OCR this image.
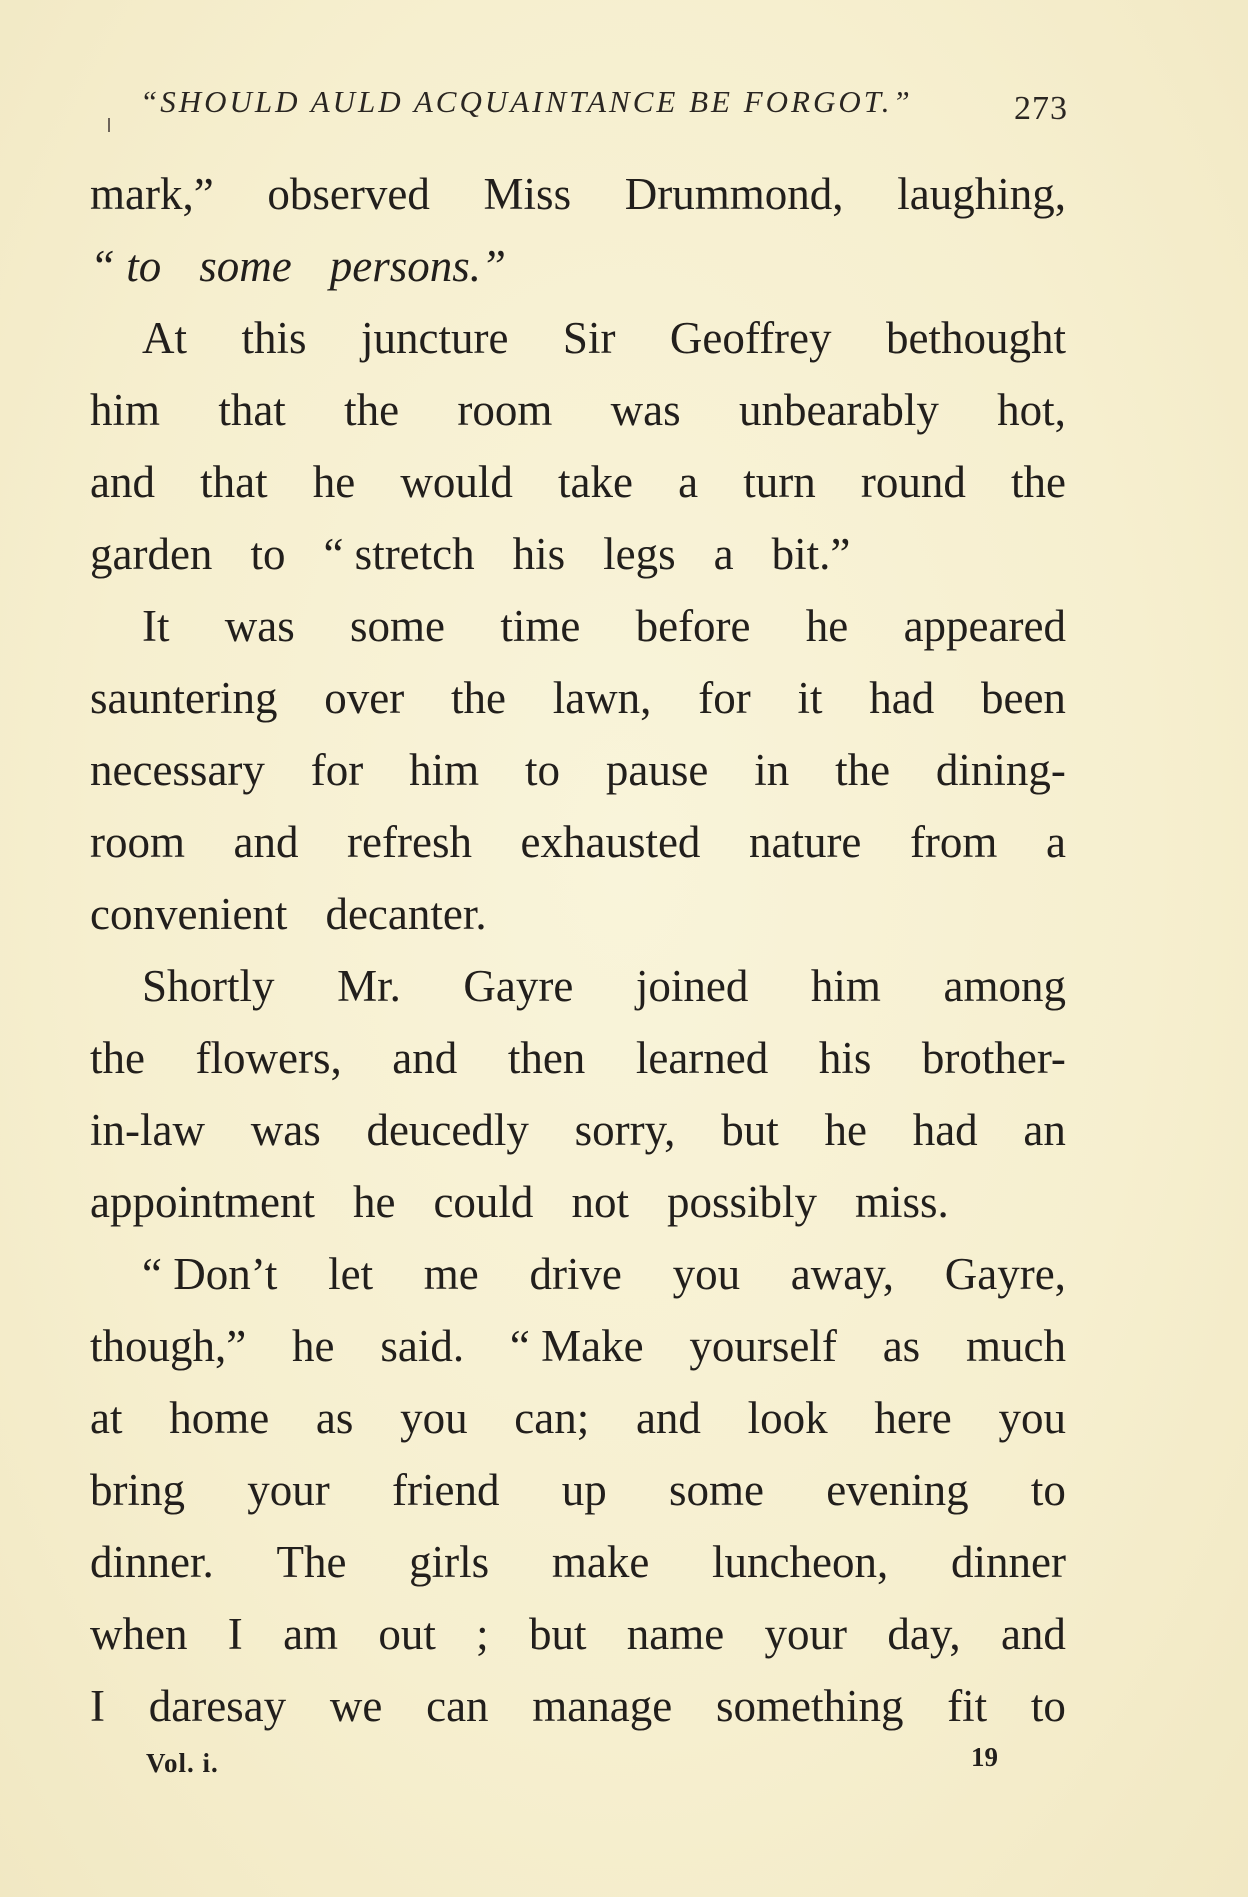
“SHOULD AULD ACQUAINTANCE BE FORGOT.”	273
mark,” observed Miss Drummond, laughing,
“ to some persons.”
At this juncture Sir Geoffrey bethought
him that the room was unbearably hot,
and that he would take a turn round the
garden to “ stretch his legs a bit.”
It was some time before he appeared
sauntering over the lawn, for it had been
necessary for him to pause in the dining-
room and refresh exhausted nature from a
convenient decanter.
Shortly Mr. Gayre joined him among
the flowers, and then learned his brother-
in-law was deucedly sorry, but he had an
appointment he could not possibly miss.
“ Don’t let me drive you away, Gayre,
though,” he said. “ Make yourself as much
at home as you can; and look here you
bring your friend up some evening to
dinner. The girls make luncheon, dinner
when I am out ; but name your day, and
I daresay we can manage something fit to
Vol. i.	19
